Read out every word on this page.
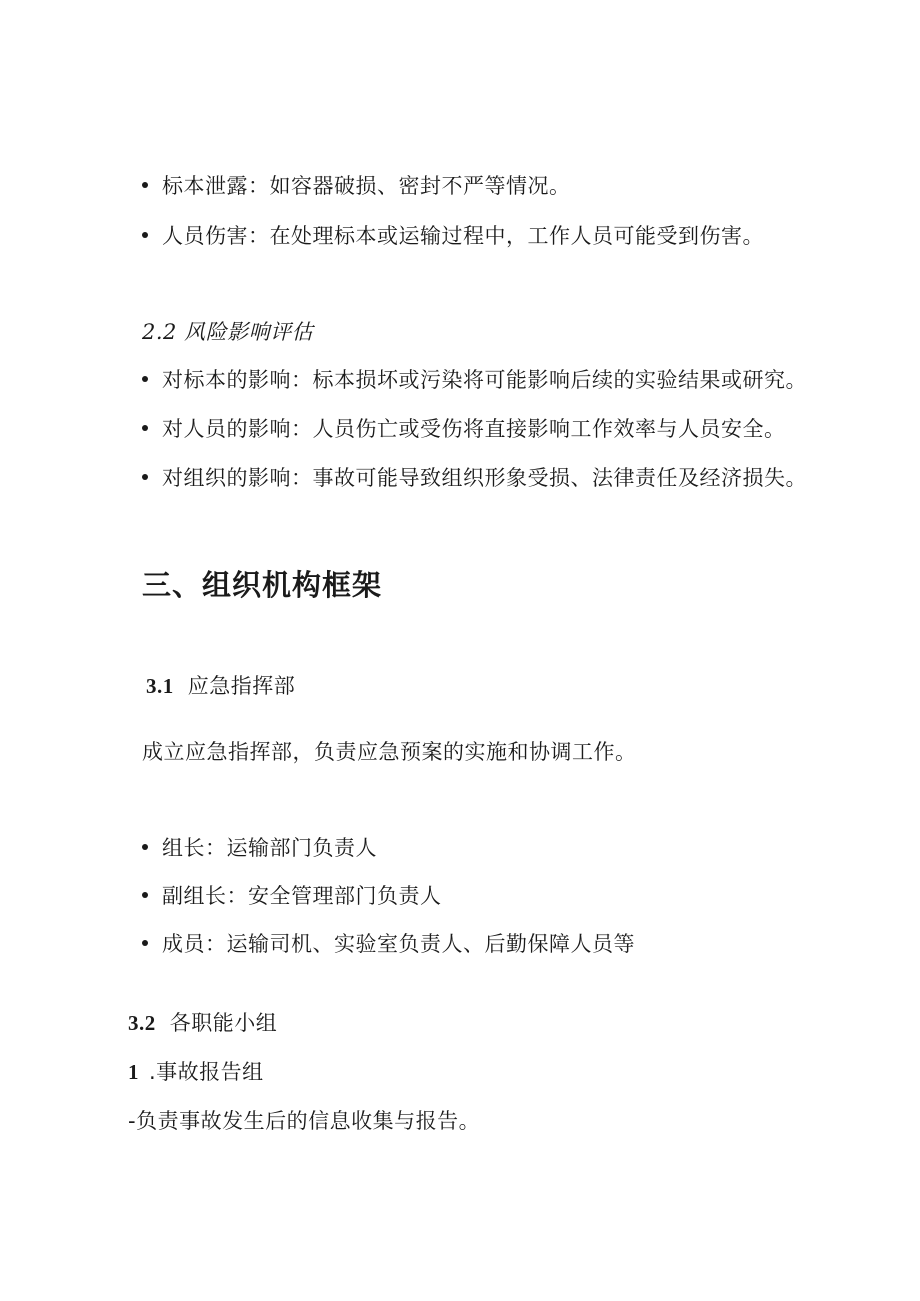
标本泄露：如容器破损、密封不严等情况。
人员伤害：在处理标本或运输过程中，工作人员可能受到伤害。
2.2 风险影响评估
对标本的影响：标本损坏或污染将可能影响后续的实验结果或研究。
对人员的影响：人员伤亡或受伤将直接影响工作效率与人员安全。
对组织的影响：事故可能导致组织形象受损、法律责任及经济损失。
三、组织机构框架
3.1 应急指挥部
成立应急指挥部，负责应急预案的实施和协调工作。
组长：运输部门负责人
副组长：安全管理部门负责人
成员：运输司机、实验室负责人、后勤保障人员等
3.2 各职能小组
1 .事故报告组
-负责事故发生后的信息收集与报告。
